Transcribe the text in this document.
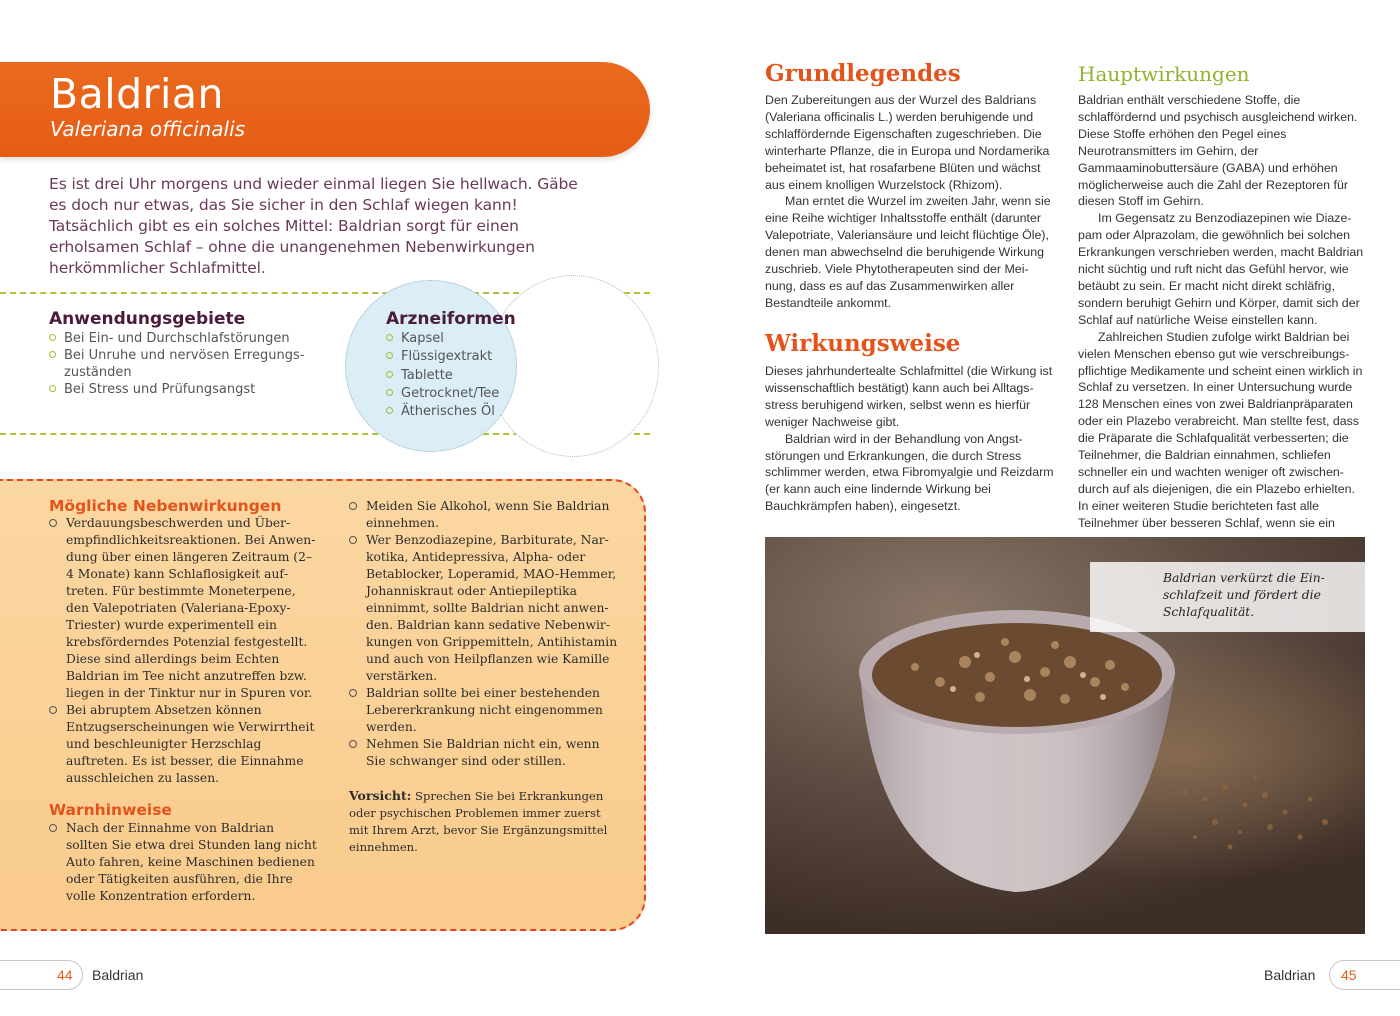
Baldrian
Valeriana officinalis
Es ist drei Uhr morgens und wieder einmal liegen Sie hellwach. Gäbe es doch nur etwas, das Sie sicher in den Schlaf wiegen kann! Tatsächlich gibt es ein solches Mittel: Baldrian sorgt für einen erholsamen Schlaf – ohne die unangenehmen Nebenwirkungen herkömmlicher Schlafmittel.
Anwendungsgebiete
Bei Ein- und Durchschlafstörungen
Bei Unruhe und nervösen Erregungszuständen
Bei Stress und Prüfungsangst
Arzneiformen
Kapsel
Flüssigextrakt
Tablette
Getrocknet/Tee
Ätherisches Öl
Mögliche Nebenwirkungen
Verdauungsbeschwerden und Überempfindlichkeitsreaktionen. Bei Anwendung über einen längeren Zeitraum (2–4 Monate) kann Schlaflosigkeit auftreten. Für bestimmte Moneterpene, den Valepotriaten (Valeriana-Epoxy-Triester) wurde experimentell ein krebsförderndes Potenzial festgestellt. Diese sind allerdings beim Echten Baldrian im Tee nicht anzutreffen bzw. liegen in der Tinktur nur in Spuren vor.
Bei abruptem Absetzen können Entzugserscheinungen wie Verwirrtheit und beschleunigter Herzschlag auftreten. Es ist besser, die Einnahme ausschleichen zu lassen.
Warnhinweise
Nach der Einnahme von Baldrian sollten Sie etwa drei Stunden lang nicht Auto fahren, keine Maschinen bedienen oder Tätigkeiten ausführen, die Ihre volle Konzentration erfordern.
Meiden Sie Alkohol, wenn Sie Baldrian einnehmen.
Wer Benzodiazepine, Barbiturate, Narkotika, Antidepressiva, Alpha- oder Betablocker, Loperamid, MAO-Hemmer, Johanniskraut oder Antiepileptika einnimmt, sollte Baldrian nicht anwenden. Baldrian kann sedative Nebenwirkungen von Grippemitteln, Antihistamin und auch von Heilpflanzen wie Kamille verstärken.
Baldrian sollte bei einer bestehenden Lebererkrankung nicht eingenommen werden.
Nehmen Sie Baldrian nicht ein, wenn Sie schwanger sind oder stillen.
Vorsicht: Sprechen Sie bei Erkrankungen oder psychischen Problemen immer zuerst mit Ihrem Arzt, bevor Sie Ergänzungsmittel einnehmen.
44 Baldrian
Grundlegendes

Den Zubereitungen aus der Wurzel des Baldrians (Valeriana officinalis L.) werden beruhigende und schlaffördernde Eigenschaften zugeschrieben. Die winterharte Pflanze, die in Europa und Nordamerika beheimatet ist, hat rosafarbene Blüten und wächst aus einem knolligen Wurzelstock (Rhizom).

Man erntet die Wurzel im zweiten Jahr, wenn sie eine Reihe wichtiger Inhaltsstoffe enthält (darunter Valepotriate, Valeriansäure und leicht flüchtige Öle), denen man abwechselnd die beruhigende Wirkung zuschrieb. Viele Phytotherapeuten sind der Meinung, dass es auf das Zusammenwirken aller Bestandteile ankommt.

Wirkungsweise

Dieses jahrhundertealte Schlafmittel (die Wirkung ist wissenschaftlich bestätigt) kann auch bei Alltagsstress beruhigend wirken, selbst wenn es hierfür weniger Nachweise gibt.

Baldrian wird in der Behandlung von Angststörungen und Erkrankungen, die durch Stress schlimmer werden, etwa Fibromyalgie und Reizdarm (er kann auch eine lindernde Wirkung bei Bauchkrämpfen haben), eingesetzt.

Hauptwirkungen

Baldrian enthält verschiedene Stoffe, die schlaffördernd und psychisch ausgleichend wirken. Diese Stoffe erhöhen den Pegel eines Neurotransmitters im Gehirn, der Gammaaminobuttersäure (GABA) und erhöhen möglicherweise auch die Zahl der Rezeptoren für diesen Stoff im Gehirn.

Im Gegensatz zu Benzodiazepinen wie Diazepam oder Alprazolam, die gewöhnlich bei solchen Erkrankungen verschrieben werden, macht Baldrian nicht süchtig und ruft nicht das Gefühl hervor, wie betäubt zu sein. Er macht nicht direkt schläfrig, sondern beruhigt Gehirn und Körper, damit sich der Schlaf auf natürliche Weise einstellen kann.

Zahlreichen Studien zufolge wirkt Baldrian bei vielen Menschen ebenso gut wie verschreibungspflichtige Medikamente und scheint einen wirklich in Schlaf zu versetzen. In einer Untersuchung wurde 128 Menschen eines von zwei Baldrianpräparaten oder ein Plazebo verabreicht. Man stellte fest, dass die Präparate die Schlafqualität verbesserten; die Teilnehmer, die Baldrian einnahmen, schliefen schneller ein und wachten weniger oft zwischendurch auf als diejenigen, die ein Plazebo erhielten. In einer weiteren Studie berichteten fast alle Teilnehmer über besseren Schlaf, wenn sie ein

Baldrian verkürzt die Einschlafzeit und fördert die Schlafqualität.
Baldrian 45
